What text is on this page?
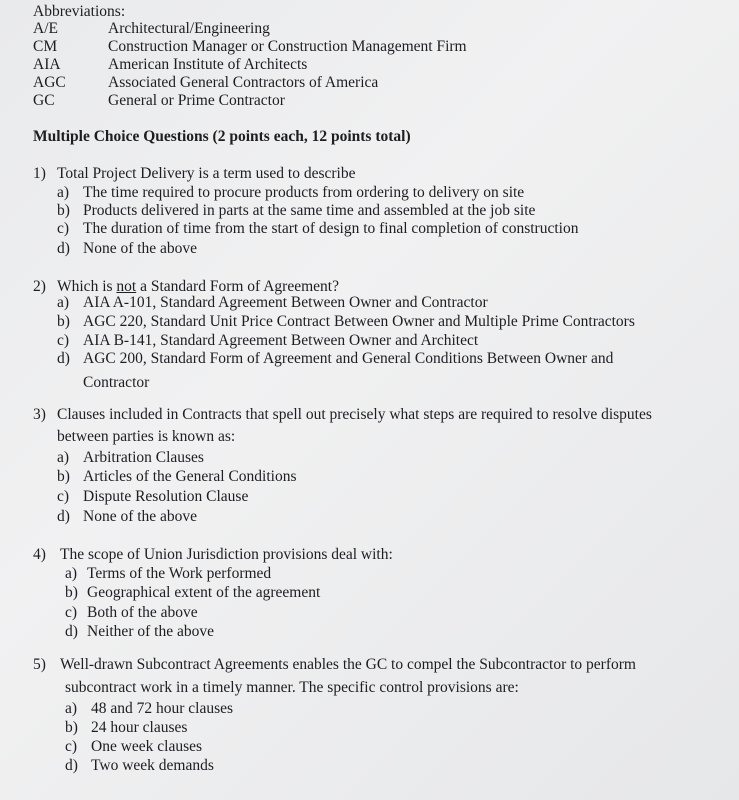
Abbreviations:
A/E	Architectural/Engineering
CM	Construction Manager or Construction Management Firm
AIA	American Institute of Architects
AGC	Associated General Contractors of America
GC	General or Prime Contractor
Multiple Choice Questions (2 points each, 12 points total)
1) Total Project Delivery is a term used to describe
a) The time required to procure products from ordering to delivery on site
b) Products delivered in parts at the same time and assembled at the job site
c) The duration of time from the start of design to final completion of construction
d) None of the above
2) Which is not a Standard Form of Agreement?
a) AIA A-101, Standard Agreement Between Owner and Contractor
b) AGC 220, Standard Unit Price Contract Between Owner and Multiple Prime Contractors
c) AIA B-141, Standard Agreement Between Owner and Architect
d) AGC 200, Standard Form of Agreement and General Conditions Between Owner and
Contractor
3) Clauses included in Contracts that spell out precisely what steps are required to resolve disputes
between parties is known as:
a) Arbitration Clauses
b) Articles of the General Conditions
c) Dispute Resolution Clause
d) None of the above
4) The scope of Union Jurisdiction provisions deal with:
a) Terms of the Work performed
b) Geographical extent of the agreement
c) Both of the above
d) Neither of the above
5) Well-drawn Subcontract Agreements enables the GC to compel the Subcontractor to perform
subcontract work in a timely manner. The specific control provisions are:
a) 48 and 72 hour clauses
b) 24 hour clauses
c) One week clauses
d) Two week demands
